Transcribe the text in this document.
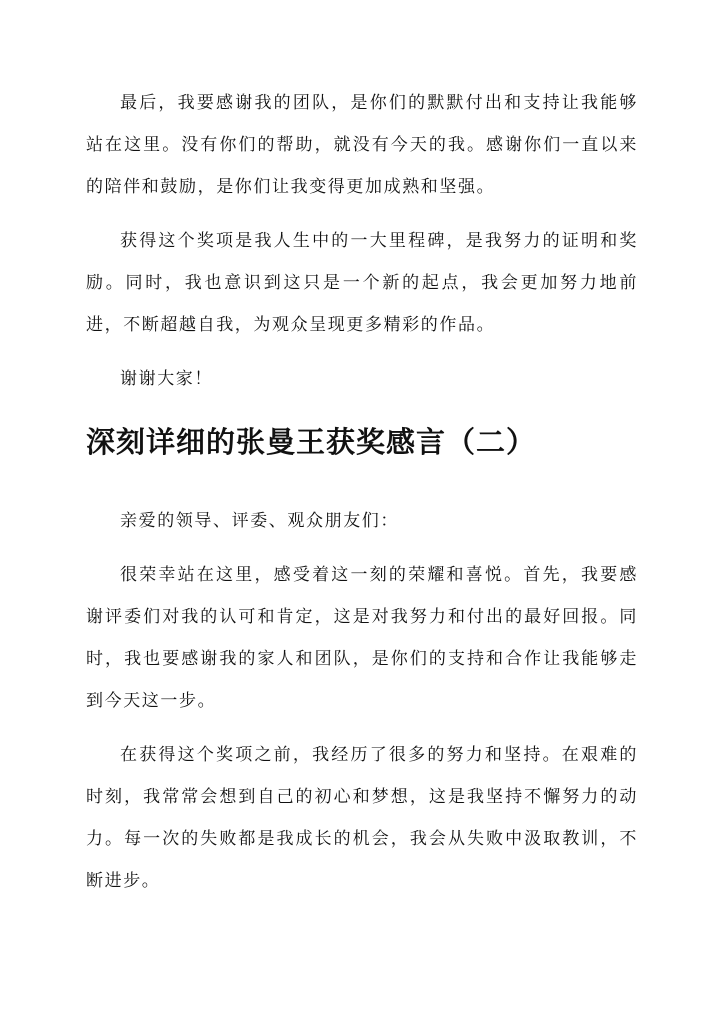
最后，我要感谢我的团队，是你们的默默付出和支持让我能够站在这里。没有你们的帮助，就没有今天的我。感谢你们一直以来的陪伴和鼓励，是你们让我变得更加成熟和坚强。

获得这个奖项是我人生中的一大里程碑，是我努力的证明和奖励。同时，我也意识到这只是一个新的起点，我会更加努力地前进，不断超越自我，为观众呈现更多精彩的作品。

谢谢大家！

深刻详细的张曼王获奖感言（二）

亲爱的领导、评委、观众朋友们：

很荣幸站在这里，感受着这一刻的荣耀和喜悦。首先，我要感谢评委们对我的认可和肯定，这是对我努力和付出的最好回报。同时，我也要感谢我的家人和团队，是你们的支持和合作让我能够走到今天这一步。

在获得这个奖项之前，我经历了很多的努力和坚持。在艰难的时刻，我常常会想到自己的初心和梦想，这是我坚持不懈努力的动力。每一次的失败都是我成长的机会，我会从失败中汲取教训，不断进步。
